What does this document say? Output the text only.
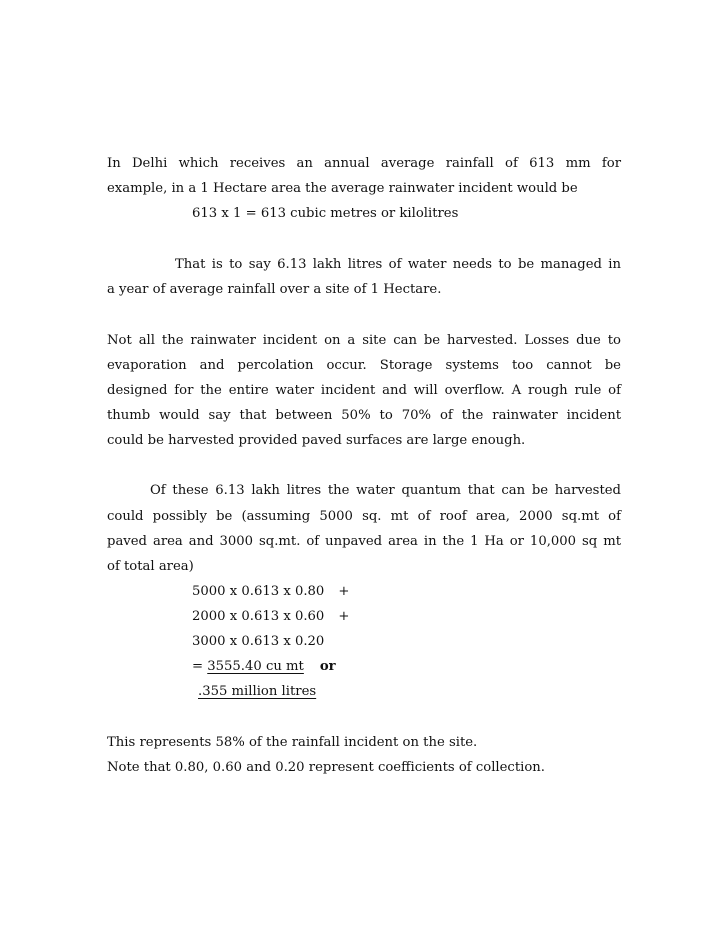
In Delhi which receives an annual average rainfall of 613 mm for
example, in a 1 Hectare area the average rainwater incident would be
613 x 1 = 613 cubic metres or kilolitres
That is to say 6.13 lakh litres of water needs to be managed in
a year of average rainfall over a site of 1 Hectare.
Not all the rainwater incident on a site can be harvested. Losses due to
evaporation and percolation occur. Storage systems too cannot be
designed for the entire water incident and will overflow. A rough rule of
thumb would say that between 50% to 70% of the rainwater incident
could be harvested provided paved surfaces are large enough.
Of these 6.13 lakh litres the water quantum that can be harvested
could possibly be (assuming 5000 sq. mt of roof area, 2000 sq.mt of
paved area and 3000 sq.mt. of unpaved area in the 1 Ha or 10,000 sq mt
of total area)
5000 x 0.613 x 0.80 +
2000 x 0.613 x 0.60 +
3000 x 0.613 x 0.20
= 3555.40 cu mt or
.355 million litres
This represents 58% of the rainfall incident on the site.
Note that 0.80, 0.60 and 0.20 represent coefficients of collection.
